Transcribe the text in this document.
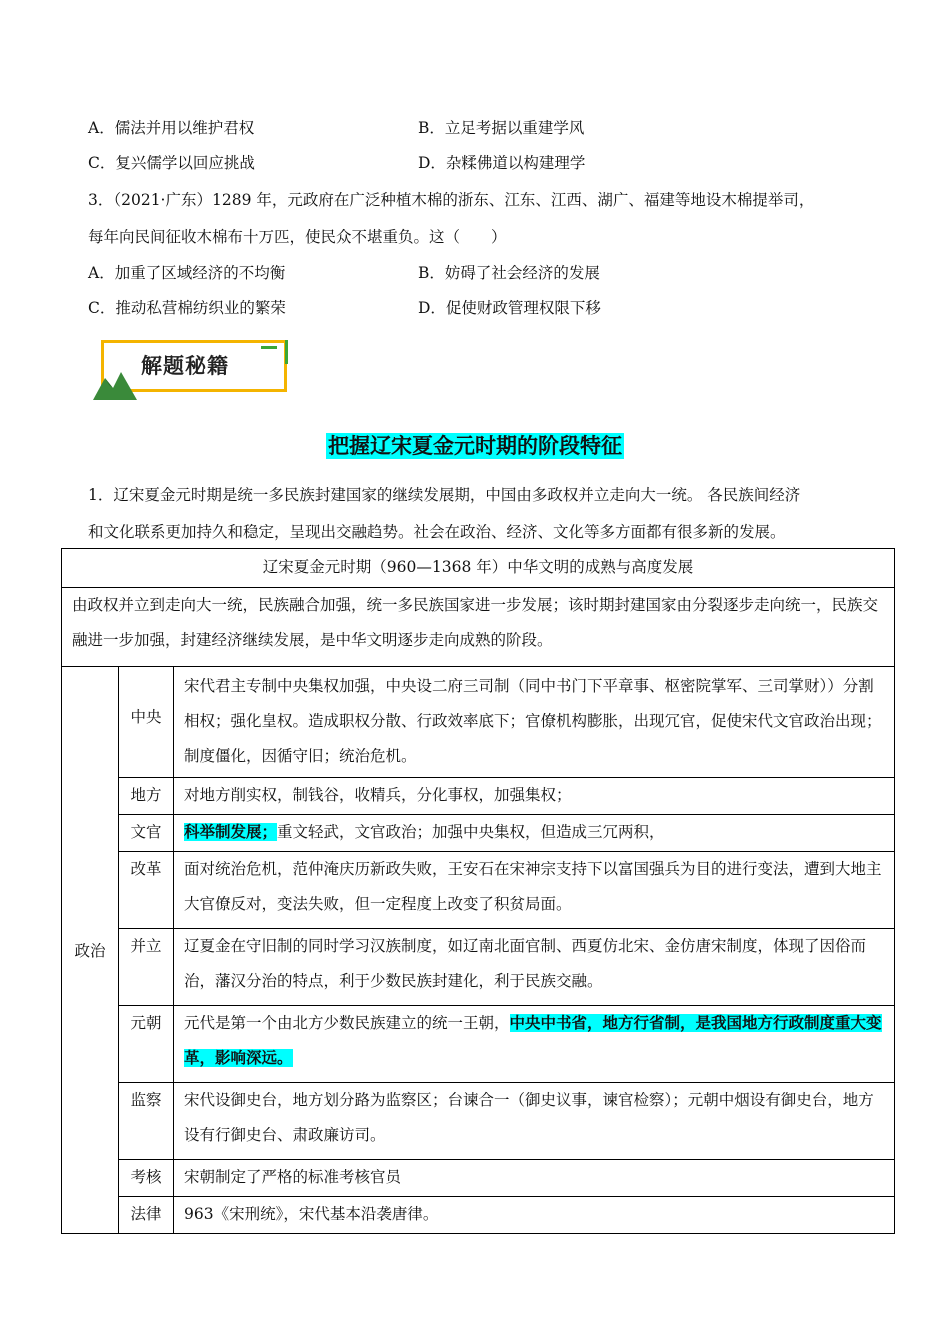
A．儒法并用以维护君权	B．立足考据以重建学风
C．复兴儒学以回应挑战	D．杂糅佛道以构建理学
3．（2021·广东）1289 年，元政府在广泛种植木棉的浙东、江东、江西、湖广、福建等地设木棉提举司，
每年向民间征收木棉布十万匹，使民众不堪重负。这（　　）
A．加重了区域经济的不均衡	B．妨碍了社会经济的发展
C．推动私营棉纺织业的繁荣	D．促使财政管理权限下移
解题秘籍
把握辽宋夏金元时期的阶段特征
1．辽宋夏金元时期是统一多民族封建国家的继续发展期，中国由多政权并立走向大一统。 各民族间经济
和文化联系更加持久和稳定，呈现出交融趋势。社会在政治、经济、文化等多方面都有很多新的发展。
辽宋夏金元时期（960—1368 年）中华文明的成熟与高度发展		
由政权并立到走向大一统，民族融合加强，统一多民族国家进一步发展；该时期封建国家由分裂逐步走向统一，民族交融进一步加强，封建经济继续发展，是中华文明逐步走向成熟的阶段。		
政治	中央	宋代君主专制中央集权加强，中央设二府三司制（同中书门下平章事、枢密院掌军、三司掌财））分割相权；强化皇权。造成职权分散、行政效率底下；官僚机构膨胀，出现冗官，促使宋代文官政治出现；制度僵化，因循守旧；统治危机。
	地方	对地方削实权，制钱谷，收精兵，分化事权，加强集权；
	文官	科举制发展；重文轻武，文官政治；加强中央集权，但造成三冗两积，
	改革	面对统治危机，范仲淹庆历新政失败，王安石在宋神宗支持下以富国强兵为目的进行变法，遭到大地主大官僚反对，变法失败，但一定程度上改变了积贫局面。
	并立	辽夏金在守旧制的同时学习汉族制度，如辽南北面官制、西夏仿北宋、金仿唐宋制度，体现了因俗而治，藩汉分治的特点，利于少数民族封建化，利于民族交融。
	元朝	元代是第一个由北方少数民族建立的统一王朝，中央中书省，地方行省制，是我国地方行政制度重大变革，影响深远。
	监察	宋代设御史台，地方划分路为监察区；台谏合一（御史议事，谏官检察）；元朝中烟设有御史台，地方设有行御史台、肃政廉访司。
	考核	宋朝制定了严格的标准考核官员
	法律	963《宋刑统》，宋代基本沿袭唐律。
